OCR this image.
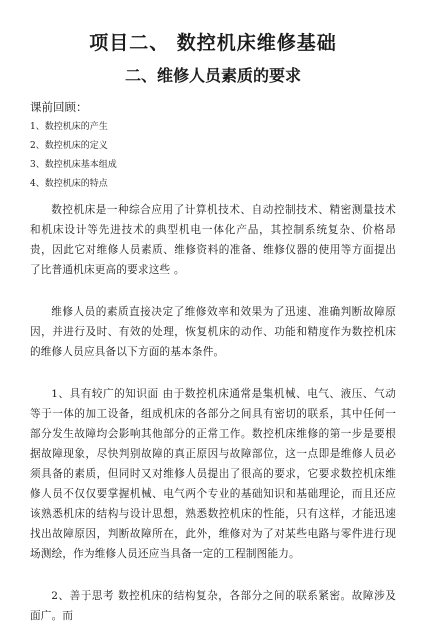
项目二、 数控机床维修基础
二、维修人员素质的要求
课前回顾：
1、数控机床的产生
2、数控机床的定义
3、数控机床基本组成
4、数控机床的特点

数控机床是一种综合应用了计算机技术、自动控制技术、精密测量技术和机床设计等先进技术的典型机电一体化产品，其控制系统复杂、价格昂贵，因此它对维修人员素质、维修资料的准备、维修仪器的使用等方面提出了比普通机床更高的要求这些 。

维修人员的素质直接决定了维修效率和效果为了迅速、准确判断故障原因，并进行及时、有效的处理，恢复机床的动作、功能和精度作为数控机床的维修人员应具备以下方面的基本条件。

1、具有较广的知识面 由于数控机床通常是集机械、电气、液压、气动等于一体的加工设备，组成机床的各部分之间具有密切的联系，其中任何一部分发生故障均会影响其他部分的正常工作。数控机床维修的第一步是要根据故障现象，尽快判别故障的真正原因与故障部位，这一点即是维修人员必须具备的素质，但同时又对维修人员提出了很高的要求，它要求数控机床维修人员不仅仅要掌握机械、电气两个专业的基础知识和基础理论，而且还应该熟悉机床的结构与设计思想，熟悉数控机床的性能，只有这样，才能迅速找出故障原因，判断故障所在，此外，维修对为了对某些电路与零件进行现场测绘，作为维修人员还应当具备一定的工程制图能力。

2、善于思考 数控机床的结构复杂，各部分之间的联系紧密。故障涉及面广。而
